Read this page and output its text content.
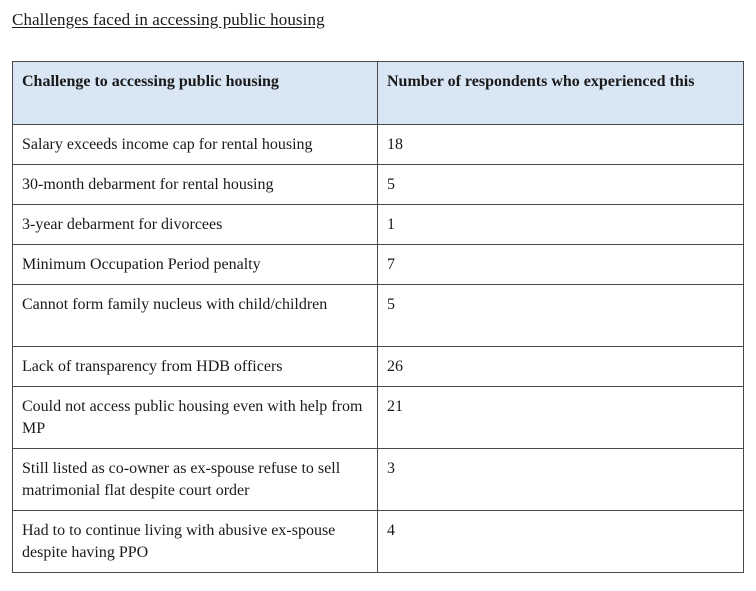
Challenges faced in accessing public housing
Challenge to accessing public housing	Number of respondents who experienced this
Salary exceeds income cap for rental housing	18
30-month debarment for rental housing	5
3-year debarment for divorcees	1
Minimum Occupation Period penalty	7
Cannot form family nucleus with child/children	5
Lack of transparency from HDB officers	26
Could not access public housing even with help from MP	21
Still listed as co-owner as ex-spouse refuse to sell matrimonial flat despite court order	3
Had to to continue living with abusive ex-spouse despite having PPO	4
